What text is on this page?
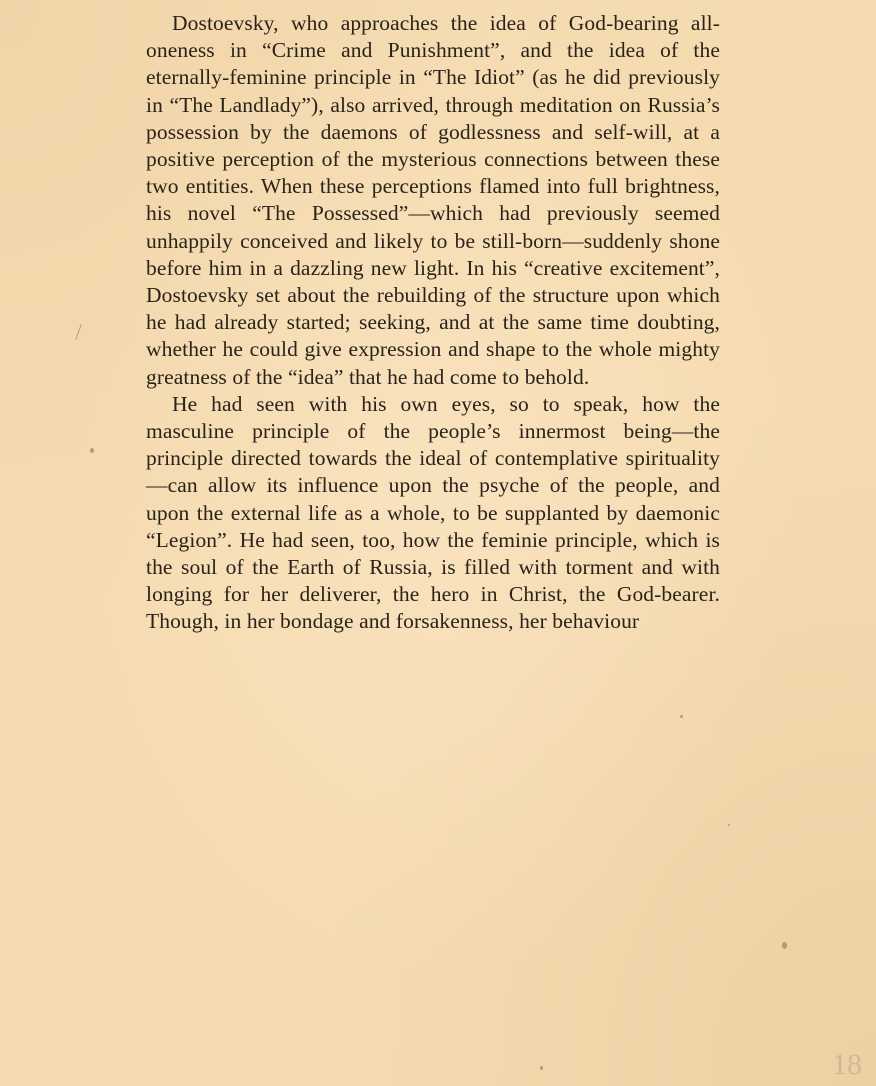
Dostoevsky, who approaches the idea of God-bearing all-oneness in “Crime and Punishment”, and the idea of the eternally-feminine principle in “The Idiot” (as he did previously in “The Landlady”), also arrived, through meditation on Russia’s possession by the daemons of godlessness and self-will, at a positive perception of the mysterious connections between these two entities. When these perceptions flamed into full brightness, his novel “The Possessed”—which had previously seemed unhappily conceived and likely to be still-born—suddenly shone before him in a dazzling new light. In his “creative excitement”, Dostoevsky set about the rebuilding of the structure upon which he had already started; seeking, and at the same time doubting, whether he could give expression and shape to the whole mighty greatness of the “idea” that he had come to behold.

He had seen with his own eyes, so to speak, how the masculine principle of the people’s innermost being—the principle directed towards the ideal of contemplative spirituality—can allow its influence upon the psyche of the people, and upon the external life as a whole, to be supplanted by daemonic “Legion”. He had seen, too, how the feminie principle, which is the soul of the Earth of Russia, is filled with torment and with longing for her deliverer, the hero in Christ, the God-bearer. Though, in her bondage and forsakenness, her behaviour

18
